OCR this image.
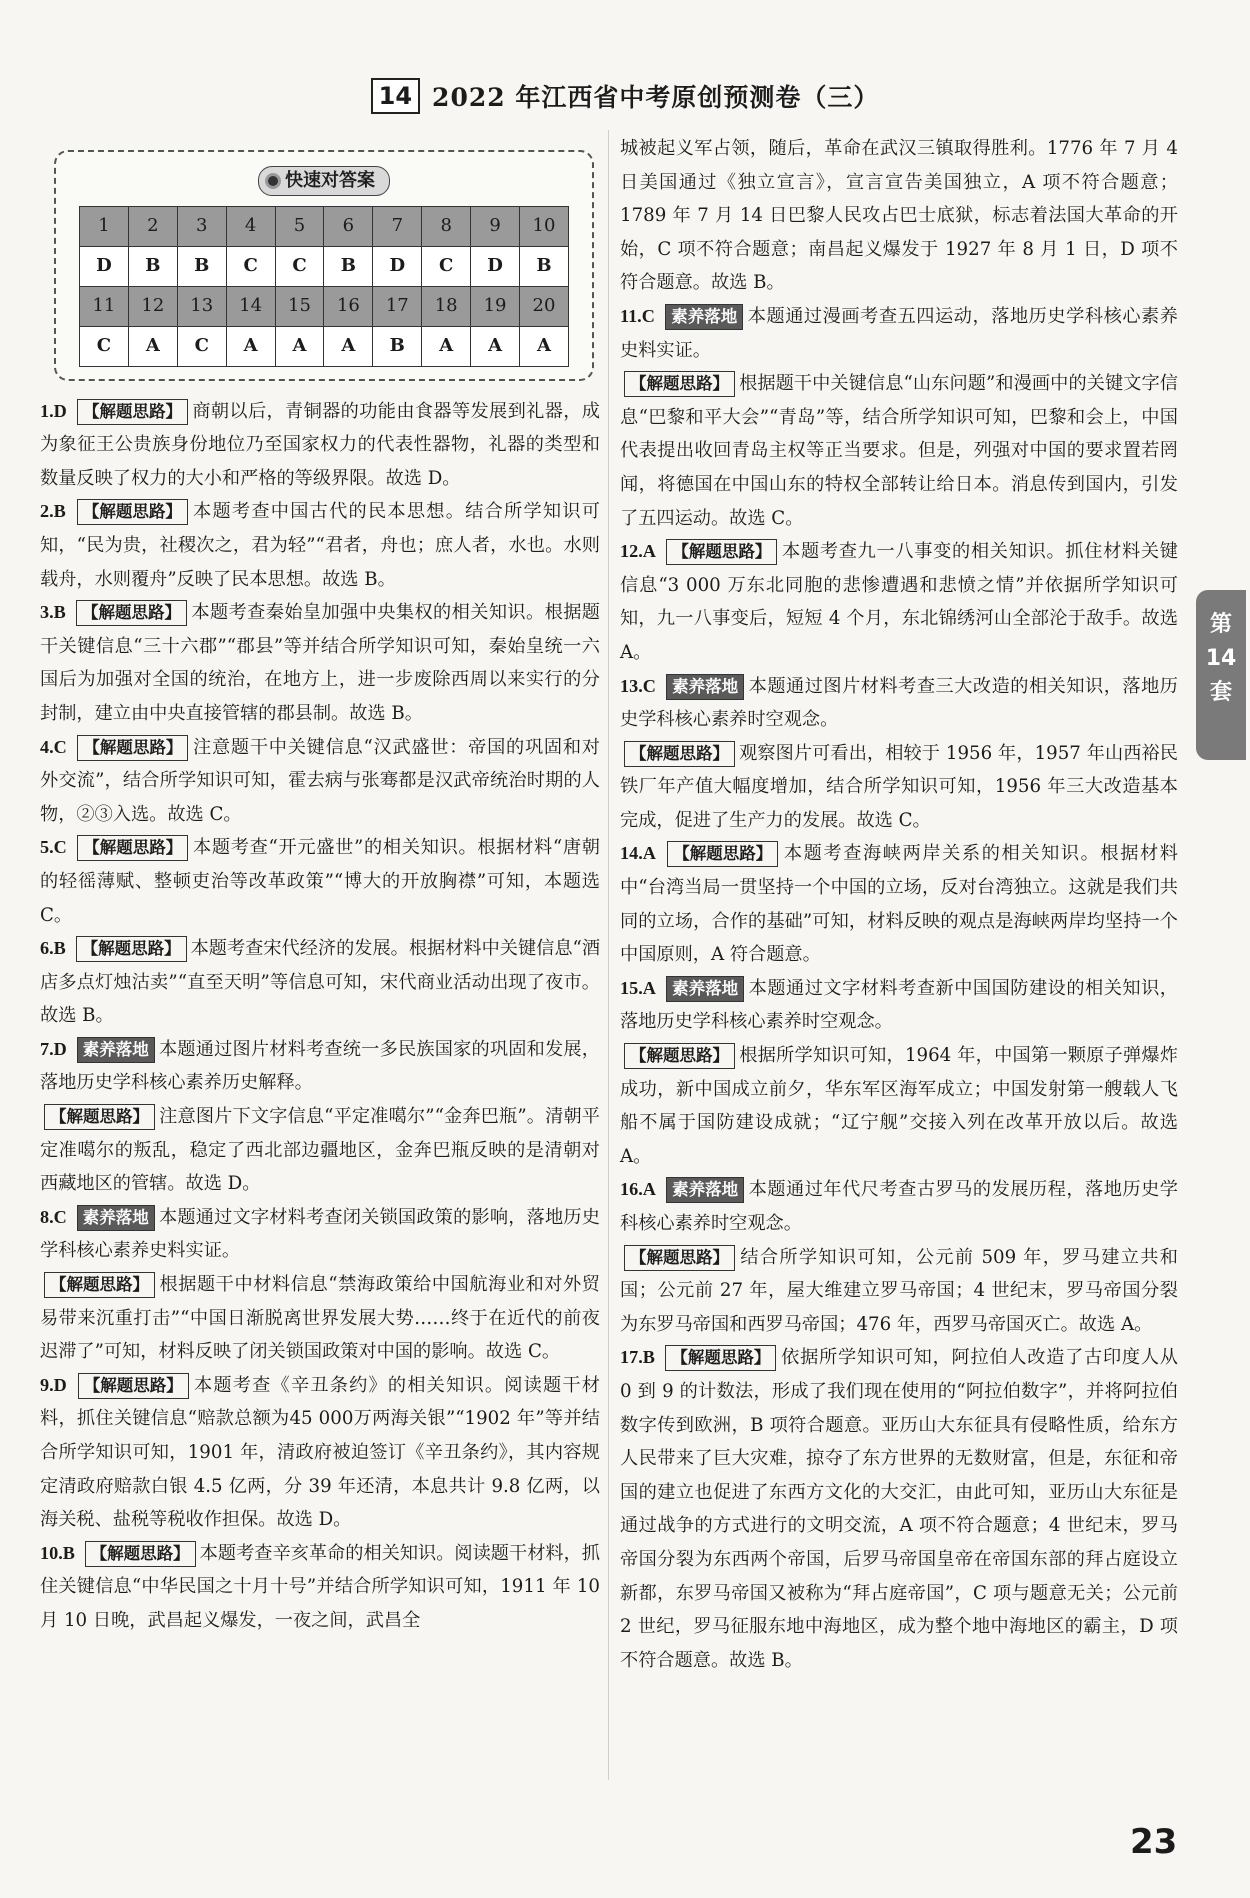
14 2022 年江西省中考原创预测卷（三）
快速对答案
1	2	3	4	5	6	7	8	9	10
D	B	B	C	C	B	D	C	D	B
11	12	13	14	15	16	17	18	19	20
C	A	C	A	A	A	B	A	A	A

1.D 【解题思路】 商朝以后，青铜器的功能由食器等发展到礼器，成为象征王公贵族身份地位乃至国家权力的代表性器物，礼器的类型和数量反映了权力的大小和严格的等级界限。故选 D。

2.B 【解题思路】 本题考查中国古代的民本思想。结合所学知识可知，“民为贵，社稷次之，君为轻”“君者，舟也；庶人者，水也。水则载舟，水则覆舟”反映了民本思想。故选 B。

3.B 【解题思路】 本题考查秦始皇加强中央集权的相关知识。根据题干关键信息“三十六郡”“郡县”等并结合所学知识可知，秦始皇统一六国后为加强对全国的统治，在地方上，进一步废除西周以来实行的分封制，建立由中央直接管辖的郡县制。故选 B。

4.C 【解题思路】 注意题干中关键信息“汉武盛世：帝国的巩固和对外交流”，结合所学知识可知，霍去病与张骞都是汉武帝统治时期的人物，②③入选。故选 C。

5.C 【解题思路】 本题考查“开元盛世”的相关知识。根据材料“唐朝的轻徭薄赋、整顿吏治等改革政策”“博大的开放胸襟”可知，本题选 C。

6.B 【解题思路】 本题考查宋代经济的发展。根据材料中关键信息“酒店多点灯烛沽卖”“直至天明”等信息可知，宋代商业活动出现了夜市。故选 B。

7.D 素养落地 本题通过图片材料考查统一多民族国家的巩固和发展，落地历史学科核心素养历史解释。
【解题思路】 注意图片下文字信息“平定准噶尔”“金奔巴瓶”。清朝平定准噶尔的叛乱，稳定了西北部边疆地区，金奔巴瓶反映的是清朝对西藏地区的管辖。故选 D。

8.C 素养落地 本题通过文字材料考查闭关锁国政策的影响，落地历史学科核心素养史料实证。
【解题思路】 根据题干中材料信息“禁海政策给中国航海业和对外贸易带来沉重打击”“中国日渐脱离世界发展大势……终于在近代的前夜迟滞了”可知，材料反映了闭关锁国政策对中国的影响。故选 C。

9.D 【解题思路】 本题考查《辛丑条约》的相关知识。阅读题干材料，抓住关键信息“赔款总额为45 000万两海关银”“1902 年”等并结合所学知识可知，1901 年，清政府被迫签订《辛丑条约》，其内容规定清政府赔款白银 4.5 亿两，分 39 年还清，本息共计 9.8 亿两，以海关税、盐税等税收作担保。故选 D。

10.B 【解题思路】 本题考查辛亥革命的相关知识。阅读题干材料，抓住关键信息“中华民国之十月十号”并结合所学知识可知，1911 年 10 月 10 日晚，武昌起义爆发，一夜之间，武昌全

城被起义军占领，随后，革命在武汉三镇取得胜利。1776 年 7 月 4 日美国通过《独立宣言》，宣言宣告美国独立，A 项不符合题意；1789 年 7 月 14 日巴黎人民攻占巴士底狱，标志着法国大革命的开始，C 项不符合题意；南昌起义爆发于 1927 年 8 月 1 日，D 项不符合题意。故选 B。

11.C 素养落地 本题通过漫画考查五四运动，落地历史学科核心素养史料实证。
【解题思路】 根据题干中关键信息“山东问题”和漫画中的关键文字信息“巴黎和平大会”“青岛”等，结合所学知识可知，巴黎和会上，中国代表提出收回青岛主权等正当要求。但是，列强对中国的要求置若罔闻，将德国在中国山东的特权全部转让给日本。消息传到国内，引发了五四运动。故选 C。

12.A 【解题思路】 本题考查九一八事变的相关知识。抓住材料关键信息“3 000 万东北同胞的悲惨遭遇和悲愤之情”并依据所学知识可知，九一八事变后，短短 4 个月，东北锦绣河山全部沦于敌手。故选 A。

13.C 素养落地 本题通过图片材料考查三大改造的相关知识，落地历史学科核心素养时空观念。
【解题思路】 观察图片可看出，相较于 1956 年，1957 年山西裕民铁厂年产值大幅度增加，结合所学知识可知，1956 年三大改造基本完成，促进了生产力的发展。故选 C。

14.A 【解题思路】 本题考查海峡两岸关系的相关知识。根据材料中“台湾当局一贯坚持一个中国的立场，反对台湾独立。这就是我们共同的立场，合作的基础”可知，材料反映的观点是海峡两岸均坚持一个中国原则，A 符合题意。

15.A 素养落地 本题通过文字材料考查新中国国防建设的相关知识，落地历史学科核心素养时空观念。
【解题思路】 根据所学知识可知，1964 年，中国第一颗原子弹爆炸成功，新中国成立前夕，华东军区海军成立；中国发射第一艘载人飞船不属于国防建设成就；“辽宁舰”交接入列在改革开放以后。故选 A。

16.A 素养落地 本题通过年代尺考查古罗马的发展历程，落地历史学科核心素养时空观念。
【解题思路】 结合所学知识可知，公元前 509 年，罗马建立共和国；公元前 27 年，屋大维建立罗马帝国；4 世纪末，罗马帝国分裂为东罗马帝国和西罗马帝国；476 年，西罗马帝国灭亡。故选 A。

17.B 【解题思路】 依据所学知识可知，阿拉伯人改造了古印度人从 0 到 9 的计数法，形成了我们现在使用的“阿拉伯数字”，并将阿拉伯数字传到欧洲，B 项符合题意。亚历山大东征具有侵略性质，给东方人民带来了巨大灾难，掠夺了东方世界的无数财富，但是，东征和帝国的建立也促进了东西方文化的大交汇，由此可知，亚历山大东征是通过战争的方式进行的文明交流，A 项不符合题意；4 世纪末，罗马帝国分裂为东西两个帝国，后罗马帝国皇帝在帝国东部的拜占庭设立新都，东罗马帝国又被称为“拜占庭帝国”，C 项与题意无关；公元前 2 世纪，罗马征服东地中海地区，成为整个地中海地区的霸主，D 项不符合题意。故选 B。

第
14
套
23
